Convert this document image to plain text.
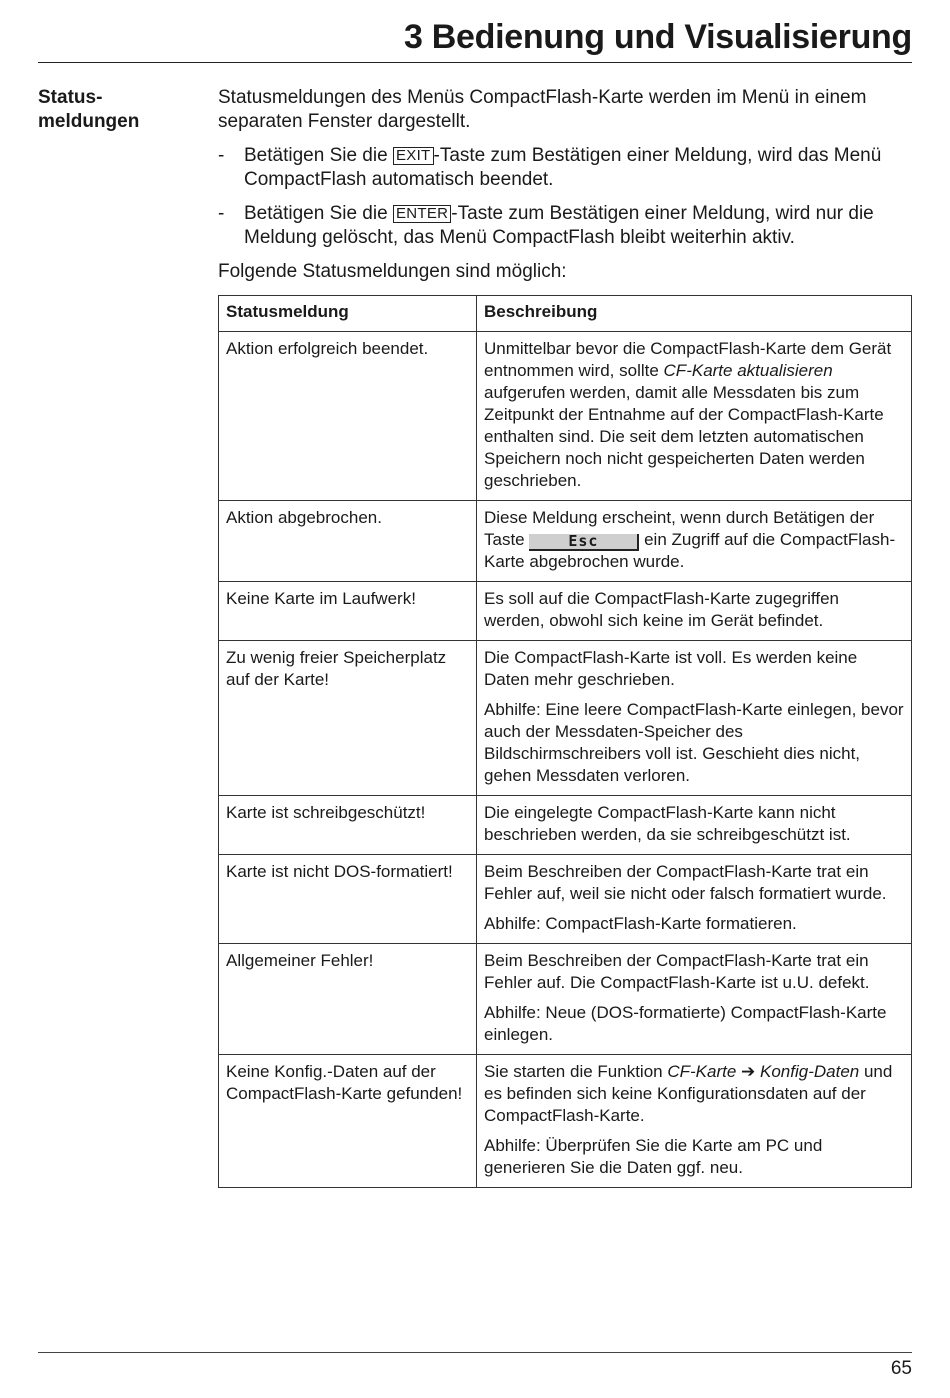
3 Bedienung und Visualisierung
Status-
meldungen

Statusmeldungen des Menüs CompactFlash-Karte werden im Menü in einem separaten Fenster dargestellt.

- Betätigen Sie die EXIT -Taste zum Bestätigen einer Meldung, wird das Menü CompactFlash automatisch beendet.
- Betätigen Sie die ENTER -Taste zum Bestätigen einer Meldung, wird nur die Meldung gelöscht, das Menü CompactFlash bleibt weiterhin aktiv.

Folgende Statusmeldungen sind möglich:

Statusmeldung	Beschreibung
Aktion erfolgreich beendet.	Unmittelbar bevor die CompactFlash-Karte dem Gerät entnommen wird, sollte CF-Karte aktualisieren aufgerufen werden, damit alle Messdaten bis zum Zeitpunkt der Entnahme auf der CompactFlash-Karte enthalten sind. Die seit dem letzten automatischen Speichern noch nicht gespeicherten Daten werden geschrieben.
Aktion abgebrochen.	Diese Meldung erscheint, wenn durch Betätigen der Taste Esc ein Zugriff auf die CompactFlash-Karte abgebrochen wurde.
Keine Karte im Laufwerk!	Es soll auf die CompactFlash-Karte zugegriffen werden, obwohl sich keine im Gerät befindet.
Zu wenig freier Speicherplatz auf der Karte!	Die CompactFlash-Karte ist voll. Es werden keine Daten mehr geschrieben.

Abhilfe: Eine leere CompactFlash-Karte einlegen, bevor auch der Messdaten-Speicher des Bildschirmschreibers voll ist. Geschieht dies nicht, gehen Messdaten verloren.

Karte ist schreibgeschützt!	Die eingelegte CompactFlash-Karte kann nicht beschrieben werden, da sie schreibgeschützt ist.
Karte ist nicht DOS-formatiert!	Beim Beschreiben der CompactFlash-Karte trat ein Fehler auf, weil sie nicht oder falsch formatiert wurde.

Abhilfe: CompactFlash-Karte formatieren.

Allgemeiner Fehler!	Beim Beschreiben der CompactFlash-Karte trat ein Fehler auf. Die CompactFlash-Karte ist u.U. defekt.

Abhilfe: Neue (DOS-formatierte) CompactFlash-Karte einlegen.

Keine Konfig.-Daten auf der CompactFlash-Karte gefunden!	Sie starten die Funktion CF-Karte ➔ Konfig-Daten und es befinden sich keine Konfigurationsdaten auf der CompactFlash-Karte.

Abhilfe: Überprüfen Sie die Karte am PC und generieren Sie die Daten ggf. neu.

65
